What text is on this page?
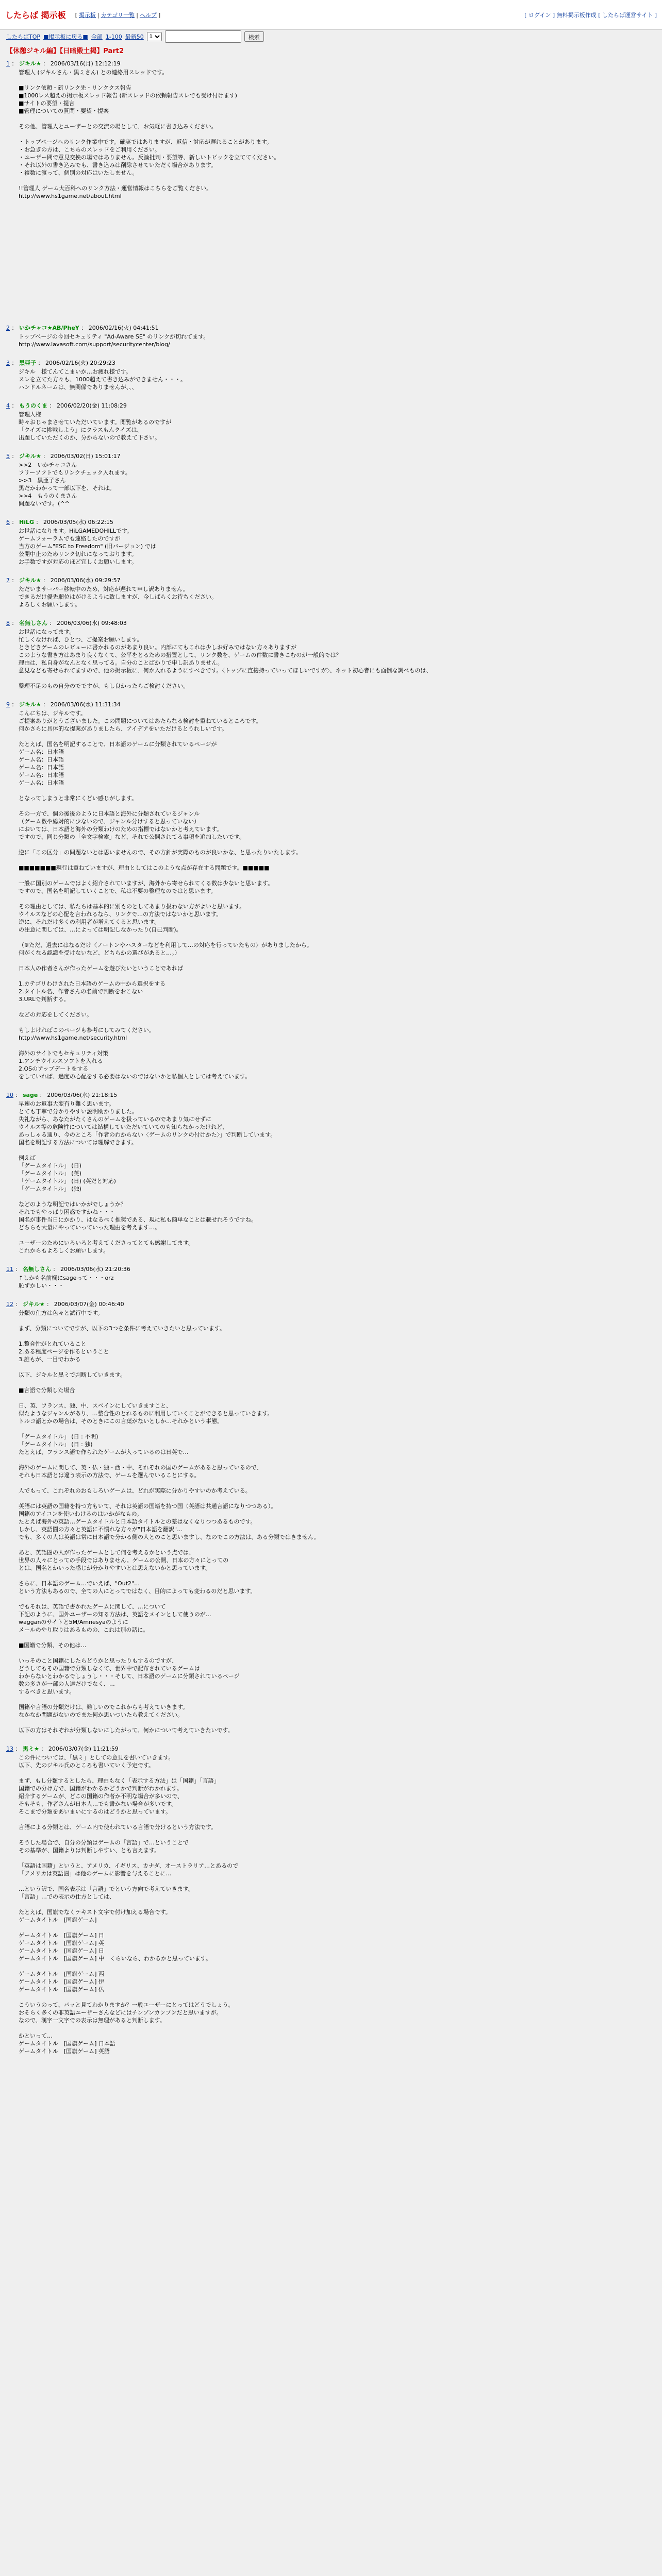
したらば 掲示板 [ 掲示板 | カテゴリ一覧 | ヘルプ ]	[ ログイン ] 無料掲示板作成 [ したらば運営サイト ]
したらばTOP ■掲示板に戻る■ 全部 1-100 最新50
1	検索
【休憩ジキル編】【日暗殿土掲】Part2
1 ： ジキル★ ： 2006/03/16(月) 12:12:19
管理人 (ジキルさん・黒ミさん) との連絡用スレッドです。

■リンク依頼・新リンク先・リンククス報告
■1000レス超えの掲示板スレッド報告 (新スレッドの依頼報告スレでも受け付けます)
■サイトの要望・提言
■管理についての質問・要望・提案

その他、管理人とユーザーとの交流の場として、お気軽に書き込みください。

・トップページへのリンク作業中です。確実ではありますが、返信・対応が遅れることがあります。
・お急ぎの方は、こちらのスレッドをご利用ください。
・ユーザー間で意見交換の場ではありません。反論批判・要望等、新しいトピックを立ててください。
・それ以外の書き込みでも、書き込みは削除させていただく場合があります。
・複数に渡って、個別の対応はいたしません。

!!管理人 ゲーム大百科へのリンク方法・運営情報はこちらをご覧ください。
http://www.hs1game.net/about.html
2 ： いかチャコ★AB/PheY ： 2006/02/16(火) 04:41:51
トップページの今回セキュリティ "Ad-Aware SE" のリンクが切れてます。
http://www.lavasoft.com/support/securitycenter/blog/
3 ： 黒亜子 ： 2006/02/16(火) 20:29:23
ジキル　様てんてこまいか…お疲れ様です。
スレを立てた方々も、1000超えて書き込みができません・・・。
ハンドルネームは、無関係でありませんが、、、
4 ： もうのくま ： 2006/02/20(金) 11:08:29
管理人様
時々おじゃまさせていただいています。閲覧があるのですが
「クイズに挑戦しよう」にクラスもんクイズは、
出題していただくのか、分からないので教えて下さい。
5 ： ジキル★ ： 2006/03/02(日) 15:01:17
>>2　いかチャコさん
フリーソフトでもリンクチェック入れます。
>>3　黒亜子さん
黒だかわかって一部以下を、それは。
>>4　もうのくまさん
問題ないです。(^^
6 ： HiLG ： 2006/03/05(水) 06:22:15
お世話になります。HiLGAMEDOHILLです。
ゲームフォーラムでも連絡したのですが
当方のゲーム"ESC to Freedom" (旧バージョン) では
公開中止のためリンク切れになっております。
お手数ですが対応のほど宜しくお願いします。
7 ： ジキル★ ： 2006/03/06(水) 09:29:57
ただいまサーバー移転中のため、対応が遅れて申し訳ありません。
できるだけ優先順位はがけるように致しますが、今しばらくお待ちください。
よろしくお願いします。
8 ： 名無しさん ： 2006/03/06(水) 09:48:03
お世話になってます。
忙しくなければ、ひとつ、ご提案お願いします。
ときどきゲームのレビューに書かれるのがあまり良い。内部にてもこれは少しお好みではない方々ありますが
このような書き方はあまり良くなくて、公平をとるための措置として、リンク数を、ゲームの件数に書きこむのが一般的では？
理由は、私自身がなんとなく思ってる。自分のことばかりで申し訳ありません。
意見なども寄せられてますので、他の掲示板に、何か入れるようにすべきです。〈トップに直接持っていってほしいですが〉、ネット初心者にも面倒な調べものは、

整理不足のもの自分のでですが、もし良かったらご検討ください。
9 ： ジキル★ ： 2006/03/06(水) 11:31:34
こんにちは、ジキルです。
ご提案ありがとうございました。この問題についてはあたらなる検討を重ねているところです。
何かさらに具体的な提案がありましたら、アイデアをいただけるとうれしいです。

たとえば、国名を明記することで、日本語のゲームに分類されているページが
ゲーム名：日本語
ゲーム名：日本語
ゲーム名：日本語
ゲーム名：日本語
ゲーム名：日本語

となってしまうと非常にくどい感じがします。

その一方で、個の後後のように日本語と海外に分類されているジャンル
（ゲーム数や総対的に少ないので、ジャンル分けすると思っていない）
においては、日本語と海外の分類わけのための指標ではないかと考えています。
ですので、同じ分類の「全文字検索」など、それで公開されてる事項を追加したいです。

逆に「この区分」の問題ないとは思いませんので、その方針が実際のものが良いかな、と思ったりいたします。

■■■■■■■現行は重ねていますが、理由としてはこのような点が存在する問題です。■■■■■

一般に国別のゲームではよく紹介されていますが、海外から寄せられてくる数は少ないと思います。
ですので、国名を明記していくことで、私は不要の整理なのではと思います。

その理由としては、私たちは基本的に別ものとしてあまり扱わない方がよいと思います。
ウイルスなどの心配を言われるなら、リンクで…の方法ではないかと思います。
逆に、それだけ多くの利用者が増えてくると思います。
の注意に関しては、…によっては明記しなかったり(自己判断)。

（※ただ、過去にはなるだけ〈ノートンやハスターなどを利用して…の対応を行っていたもの〉がありましたから。
何がくなる認識を受けないなど、どちらかの選びがあると…。）

日本人の作者さんが作ったゲームを遊びたいということであれば

1.カテゴリわけされた日本語のゲームの中から選択をする
2.タイトル名、作者さんの名前で判断をおこない
3.URLで判断する。

などの対応をしてください。

もしよければこのページも参考にしてみてください。
http://www.hs1game.net/security.html

海外のサイトでもセキュリティ対策
1.アンチウイルスソフトを入れる
2.OSのアップデートをする
をしていれば、過度の心配をする必要はないのではないかと私個人としては考えています。
10 ： sage ： 2006/03/06(水) 21:18:15
早速のお返事大変有り難く思います。
とても丁寧で分かりやすい説明助かりました。
失礼ながら、あなたがたくさんのゲームを扱っているのであまり気にせずに
ウイルス等の危険性については結構していただいていてのも知らなかったけれど、
あっしゃる通り、今のところ「作者のわからない〈ゲームのリンクの付けかた〉」で判断しています。
国名を明記する方法については理解できます。

例えば
「ゲームタイトル」 (日)
「ゲームタイトル」 (英)
「ゲームタイトル」 (日) (英だと対応)
「ゲームタイトル」 (独)

などのような明記ではいかがでしょうか？
それでもやっぱり困惑ですかね・・・
国名が事件当日にかかり、はなるべく推奨である、現に私も簡単なことは載せれそうですね。
どちらも大量にやっていっていった理由を考えます…。

ユーザーのためにいろいろと考えてくださってとても感謝してます。
これからもよろしくお願いします。
11 ： 名無しさん ： 2006/03/06(水) 21:20:36
↑しかも名前欄にsageって・・・orz
恥ずかしい・・・
12 ： ジキル★ ： 2006/03/07(金) 00:46:40
分類の仕方は色々と試行中です。

まず、分類についてですが、以下の3つを条件に考えていきたいと思っています。

1.整合性がとれていること
2.ある程度ページを作るということ
3.誰もが、一目でわかる

以下、ジキルと黒ミで判断していきます。

■言語で分類した場合

日、英、フランス、独、中、スペインにしていきますこと、
似たようなジャンルがあり、…整合性のとれるものに利用していくことができると思っていきます。
トルコ語とかの場合は、そのときにこの言葉がないとしか…それかという事態。

「ゲームタイトル」 (日 : 不明)
「ゲームタイトル」 (日 : 独)
たとえば、フランス語で作られたゲームが入っているのは日英で…

海外のゲームに関して、英・仏・独・西・中、それぞれの国のゲームがあると思っているので、
それも日本語とは違う表示の方法で、ゲームを選んでいることにする。

人でもって、これぞれのおもしろいゲームは、どれが実際に分かりやすいのか考えている。

英語には英語の国籍を持つ方もいて、それは英語の国籍を持つ国（英語は共通言語になりつつある）。
国籍のアイコンを使いわけるのはいかがなもの。
たとえば海外の英語…ゲームタイトルと日本語タイトルとの差はなくなりつつあるものです。
しかし、英語圏の方々と英語に不慣れな方々が"日本語を翻訳"…
でも、多くの人は英語は常に日本語で分かる側の人とのこと思いますし、なのでこの方法は、ある分類ではきません。

あと、英語圏の人が作ったゲームとして何を考えるかという点では、
世界の人々にとっての手段ではありません。ゲームの公開、日本の方々にとっての
とは、国名とかいった感じが分かりやすいとは思えないかと思っています。

さらに、日本語のゲーム…でいえば、"Out2"…
という方法もあるので、全ての人にとってではなく、目的によっても変わるのだと思います。

でもそれは、英語で書かれたゲームに関して、…について
下記のように、国外ユーザーの知る方法は、英語をメインとして使うのが…
wagganのサイトと5M/Amnesyaのように
メールのやり取りはあるものの、これは別の話に。

■国籍で分類、その他は…

いっそのこと国籍にしたらどうかと思ったりもするのですが、
どうしてもその国籍で分類しなくて、世界中で配布されているゲームは
わからないとわかるでしょうし・・・そして、日本語のゲームに分類されているページ
数の多さが一部の人達だけでなく、…
するべきと思います。

国籍や言語の分類だけは、難しいのでこれからも考えていきます。
なかなか問題がないのでまた何か思いついたら教えてください。

以下の方はそれぞれが分類しないにしたがって、何かについて考えていきたいです。
13 ： 黒ミ★ ： 2006/03/07(金) 11:21:59
この件については、「黒ミ」としての意見を書いていきます。
以下、先のジキル氏のところも書いていく予定です。

まず、もし分類するとしたら、理由もなく「表示する方法」は「国籍」「言語」
国籍での分け方で、国籍がわかるかどうかで判断がわかれます。
紹介するゲームが、どこの国籍の作者か不明な場合が多いので、
そもそも、作者さんが日本人…でも書かない場合が多いです。
そこまで分類をあいまいにするのはどうかと思っています。

言語による分類とは、ゲーム内で使われている言語で分けるという方法です。

そうした場合で、自分の分類はゲームの「言語」で…ということで
その基準が、国籍よりは判断しやすい、とも言えます。

「英語は国籍」というと、アメリカ、イギリス、カナダ、オーストラリア…とあるので
「アメリカは英語圏」は他のゲームに影響を与えることに…

…という訳で、国名表示は「言語」でという方向で考えていきます。
「言語」…での表示の仕方としては、

たとえば、国旗でなくテキスト文字で付け加える場合です。
ゲームタイトル　[国旗ゲーム]

ゲームタイトル　[国旗ゲーム] 日
ゲームタイトル　[国旗ゲーム] 英
ゲームタイトル　[国旗ゲーム] 日
ゲームタイトル　[国旗ゲーム] 中　くらいなら、わかるかと思っています。

ゲームタイトル　[国旗ゲーム] 西
ゲームタイトル　[国旗ゲーム] 伊
ゲームタイトル　[国旗ゲーム] 仏

こういうのって、パッと見てわかりますか？一般ユーザーにとってはどうでしょう。
おそらく多くの非英語ユーザーさんなどにはチンプンカンプンだと思いますが。
なので、漢字一文字での表示は無理があると判断します。

かといって…
ゲームタイトル　[国旗ゲーム] 日本語
ゲームタイトル　[国旗ゲーム] 英語
